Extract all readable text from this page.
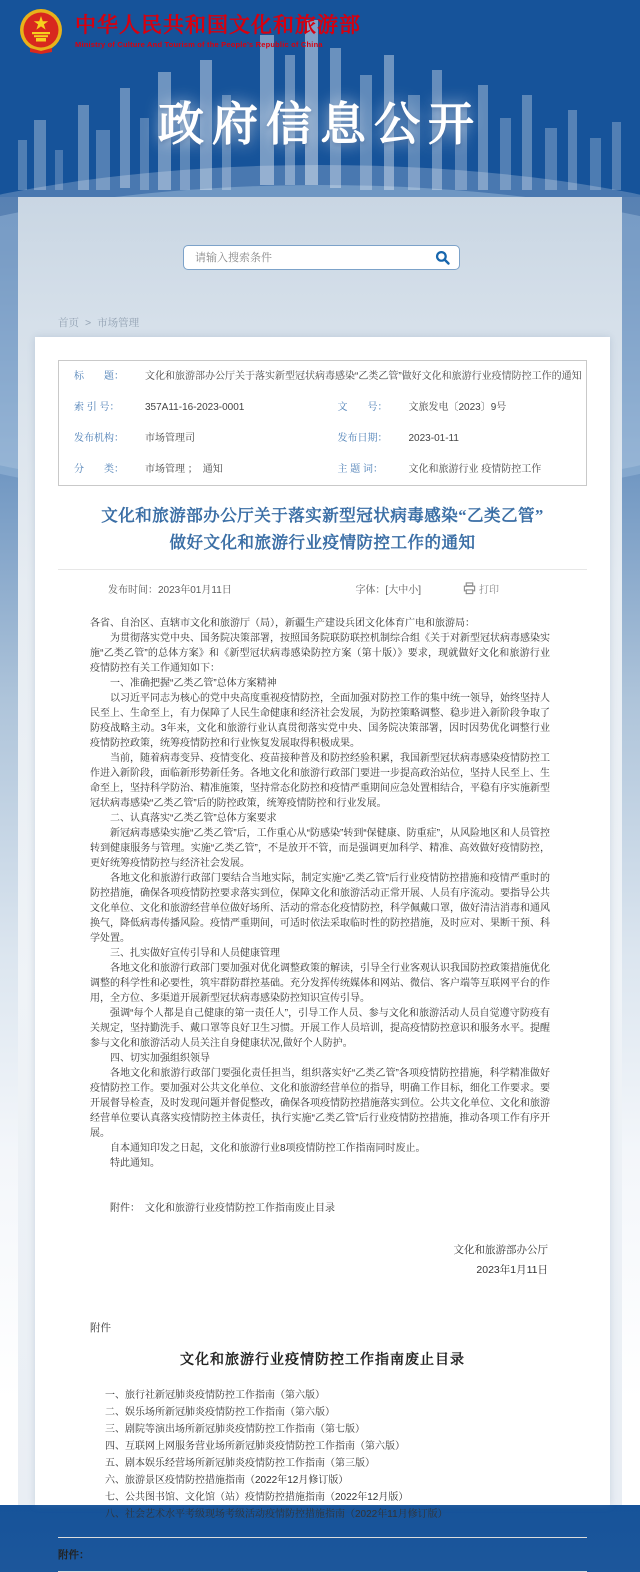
中华人民共和国文化和旅游部
Ministry of Culture And Tourism of the People’s Republic of China
政府信息公开
请输入搜索条件
首页 > 市场管理
标　　题：	文化和旅游部办公厅关于落实新型冠状病毒感染“乙类乙管”做好文化和旅游行业疫情防控工作的通知
索 引 号：	357A11-16-2023-0001	文　　号：	文旅发电〔2023〕9号
发布机构：	市场管理司	发布日期：	2023-01-11
分　　类：	市场管理 ；　通知	主 题 词：	文化和旅游行业 疫情防控工作
文化和旅游部办公厅关于落实新型冠状病毒感染“乙类乙管”
做好文化和旅游行业疫情防控工作的通知
发布时间：2023年01月11日	字体：[大中小]	打印

各省、自治区、直辖市文化和旅游厅（局），新疆生产建设兵团文化体育广电和旅游局：

为贯彻落实党中央、国务院决策部署，按照国务院联防联控机制综合组《关于对新型冠状病毒感染实施“乙类乙管”的总体方案》和《新型冠状病毒感染防控方案（第十版）》要求，现就做好文化和旅游行业疫情防控有关工作通知如下：

一、准确把握“乙类乙管”总体方案精神

以习近平同志为核心的党中央高度重视疫情防控，全面加强对防控工作的集中统一领导，始终坚持人民至上、生命至上，有力保障了人民生命健康和经济社会发展，为防控策略调整、稳步进入新阶段争取了防疫战略主动。3年来，文化和旅游行业认真贯彻落实党中央、国务院决策部署，因时因势优化调整行业疫情防控政策，统筹疫情防控和行业恢复发展取得积极成果。

当前，随着病毒变异、疫情变化、疫苗接种普及和防控经验积累，我国新型冠状病毒感染疫情防控工作进入新阶段，面临新形势新任务。各地文化和旅游行政部门要进一步提高政治站位，坚持人民至上、生命至上，坚持科学防治、精准施策，坚持常态化防控和疫情严重期间应急处置相结合，平稳有序实施新型冠状病毒感染“乙类乙管”后的防控政策，统筹疫情防控和行业发展。

二、认真落实“乙类乙管”总体方案要求

新冠病毒感染实施“乙类乙管”后，工作重心从“防感染”转到“保健康、防重症”，从风险地区和人员管控转到健康服务与管理。实施“乙类乙管”，不是放开不管，而是强调更加科学、精准、高效做好疫情防控，更好统筹疫情防控与经济社会发展。

各地文化和旅游行政部门要结合当地实际，制定实施“乙类乙管”后行业疫情防控措施和疫情严重时的防控措施，确保各项疫情防控要求落实到位，保障文化和旅游活动正常开展、人员有序流动。要指导公共文化单位、文化和旅游经营单位做好场所、活动的常态化疫情防控，科学佩戴口罩，做好清洁消毒和通风换气，降低病毒传播风险。疫情严重期间，可适时依法采取临时性的防控措施，及时应对、果断干预、科学处置。

三、扎实做好宣传引导和人员健康管理

各地文化和旅游行政部门要加强对优化调整政策的解读，引导全行业客观认识我国防控政策措施优化调整的科学性和必要性，筑牢群防群控基础。充分发挥传统媒体和网站、微信、客户端等互联网平台的作用，全方位、多渠道开展新型冠状病毒感染防控知识宣传引导。

强调“每个人都是自己健康的第一责任人”，引导工作人员、参与文化和旅游活动人员自觉遵守防疫有关规定，坚持勤洗手、戴口罩等良好卫生习惯。开展工作人员培训，提高疫情防控意识和服务水平。提醒参与文化和旅游活动人员关注自身健康状况,做好个人防护。

四、切实加强组织领导

各地文化和旅游行政部门要强化责任担当，组织落实好“乙类乙管”各项疫情防控措施，科学精准做好疫情防控工作。要加强对公共文化单位、文化和旅游经营单位的指导，明确工作目标，细化工作要求。要开展督导检查，及时发现问题并督促整改，确保各项疫情防控措施落实到位。公共文化单位、文化和旅游经营单位要认真落实疫情防控主体责任，执行实施“乙类乙管”后行业疫情防控措施，推动各项工作有序开展。

自本通知印发之日起，文化和旅游行业8项疫情防控工作指南同时废止。

特此通知。

附件：　文化和旅游行业疫情防控工作指南废止目录
文化和旅游部办公厅
2023年1月11日
附件
文化和旅游行业疫情防控工作指南废止目录

一、旅行社新冠肺炎疫情防控工作指南（第六版）

二、娱乐场所新冠肺炎疫情防控工作指南（第六版）

三、剧院等演出场所新冠肺炎疫情防控工作指南（第七版）

四、互联网上网服务营业场所新冠肺炎疫情防控工作指南（第六版）

五、剧本娱乐经营场所新冠肺炎疫情防控工作指南（第三版）

六、旅游景区疫情防控措施指南（2022年12月修订版）

七、公共图书馆、文化馆（站）疫情防控措施指南（2022年12月版）

八、社会艺术水平考级现场考级活动疫情防控措施指南（2022年11月修订版）

附件：
